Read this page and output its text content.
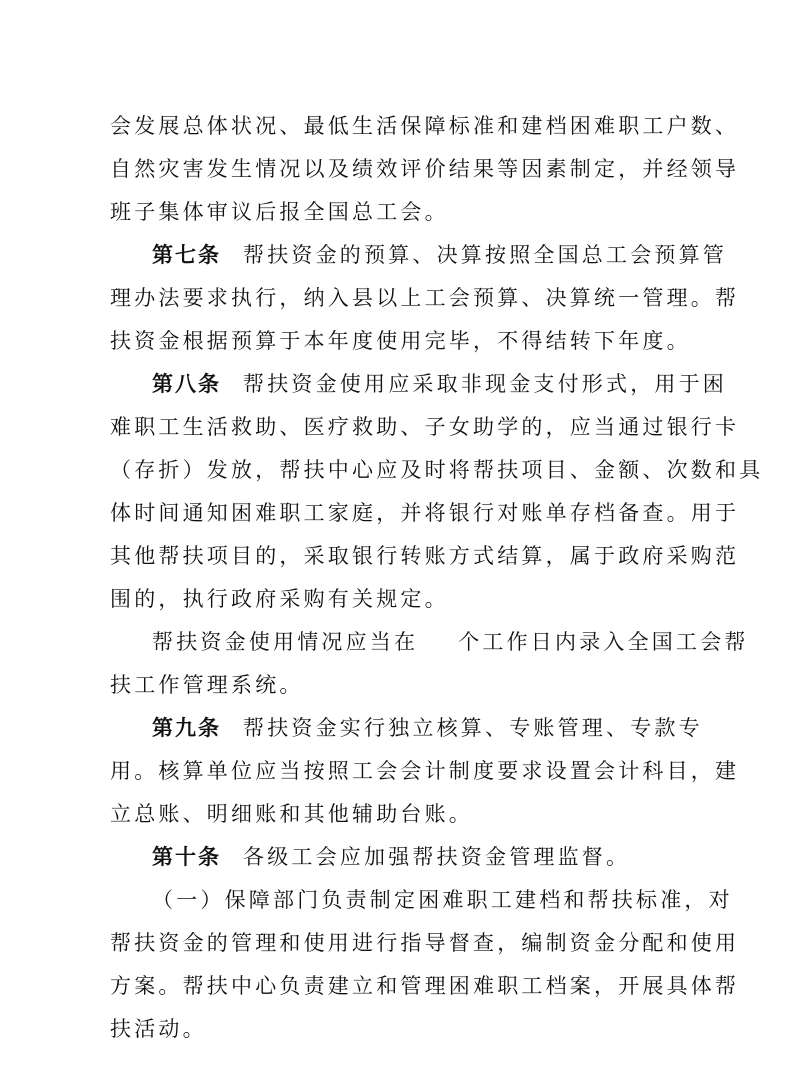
会发展总体状况、最低生活保障标准和建档困难职工户数、
自然灾害发生情况以及绩效评价结果等因素制定，并经领导
班子集体审议后报全国总工会。
第七条 帮扶资金的预算、决算按照全国总工会预算管
理办法要求执行，纳入县以上工会预算、决算统一管理。帮
扶资金根据预算于本年度使用完毕，不得结转下年度。
第八条 帮扶资金使用应采取非现金支付形式，用于困
难职工生活救助、医疗救助、子女助学的，应当通过银行卡
（存折）发放，帮扶中心应及时将帮扶项目、金额、次数和具
体时间通知困难职工家庭，并将银行对账单存档备查。用于
其他帮扶项目的，采取银行转账方式结算，属于政府采购范
围的，执行政府采购有关规定。
帮扶资金使用情况应当在 个工作日内录入全国工会帮
扶工作管理系统。
第九条 帮扶资金实行独立核算、专账管理、专款专
用。核算单位应当按照工会会计制度要求设置会计科目，建
立总账、明细账和其他辅助台账。
第十条 各级工会应加强帮扶资金管理监督。
（一）保障部门负责制定困难职工建档和帮扶标准，对
帮扶资金的管理和使用进行指导督查，编制资金分配和使用
方案。帮扶中心负责建立和管理困难职工档案，开展具体帮
扶活动。
